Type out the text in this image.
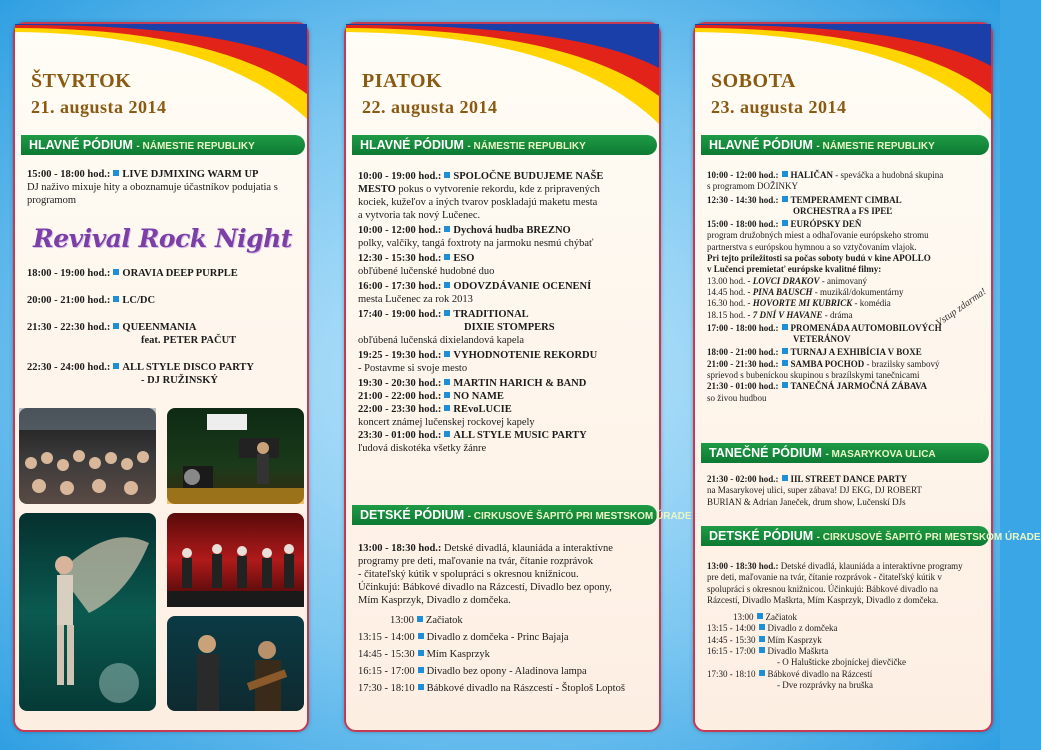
ŠTVRTOK
21. augusta 2014
HLAVNÉ PÓDIUM - NÁMESTIE REPUBLIKY
15:00 - 18:00 hod.: LIVE DJMIXING WARM UP
DJ naživo mixuje hity a oboznamuje účastníkov podujatia s programom
Revival Rock Night
18:00 - 19:00 hod.: ORAVIA DEEP PURPLE
20:00 - 21:00 hod.: LC/DC
21:30 - 22:30 hod.: QUEENMANIA
feat. PETER PAČUT
22:30 - 24:00 hod.: ALL STYLE DISCO PARTY
- DJ RUŽINSKÝ
PIATOK
22. augusta 2014
HLAVNÉ PÓDIUM - NÁMESTIE REPUBLIKY
10:00 - 19:00 hod.: SPOLOČNE BUDUJEME NAŠE
MESTO pokus o vytvorenie rekordu, kde z pripravených
kociek, kužeľov a iných tvarov poskladajú maketu mesta
a vytvoria tak nový Lučenec.
10:00 - 12:00 hod.: Dychová hudba BREZNO
polky, valčíky, tangá foxtroty na jarmoku nesmú chýbať
12:30 - 15:30 hod.: ESO
obľúbené lučenské hudobné duo
16:00 - 17:30 hod.: ODOVZDÁVANIE OCENENÍ
mesta Lučenec za rok 2013
17:40 - 19:00 hod.: TRADITIONAL
DIXIE STOMPERS
obľúbená lučenská dixielandová kapela
19:25 - 19:30 hod.: VYHODNOTENIE REKORDU
- Postavme si svoje mesto
19:30 - 20:30 hod.: MARTIN HARICH & BAND
21:00 - 22:00 hod.: NO NAME
22:00 - 23:30 hod.: REvoLUCIE
koncert známej lučenskej rockovej kapely
23:30 - 01:00 hod.: ALL STYLE MUSIC PARTY
ľudová diskotéka všetky žánre
DETSKÉ PÓDIUM - CIRKUSOVÉ ŠAPITÓ PRI MESTSKOM ÚRADE
13:00 - 18:30 hod.: Detské divadlá, klauniáda a interaktívne
programy pre deti, maľovanie na tvár, čítanie rozprávok
- čitateľský kútik v spolupráci s okresnou knižnicou.
Účinkujú: Bábkové divadlo na Rázcestí, Divadlo bez opony,
Mím Kasprzyk, Divadlo z domčeka.
13:00 Začiatok
13:15 - 14:00 Divadlo z domčeka - Princ Bajaja
14:45 - 15:30 Mím Kasprzyk
16:15 - 17:00 Divadlo bez opony - Aladinova lampa
17:30 - 18:10 Bábkové divadlo na Rászcestí - Štoploš Loptoš
SOBOTA
23. augusta 2014
HLAVNÉ PÓDIUM - NÁMESTIE REPUBLIKY
10:00 - 12:00 hod.: HALIČAN - speváčka a hudobná skupina
s programom DOŽINKY
12:30 - 14:30 hod.: TEMPERAMENT CIMBAL
ORCHESTRA a FS IPEĽ
15:00 - 18:00 hod.: EURÓPSKY DEŇ
program družobných miest a odhaľovanie európskeho stromu
partnerstva s európskou hymnou a so vztyčovaním vlajok.
Pri tejto príležitosti sa počas soboty budú v kine APOLLO
v Lučenci premietať európske kvalitné filmy:
13.00 hod. - LOVCI DRAKOV - animovaný
14.45 hod. - PINA BAUSCH - muzikál/dokumentárny
16.30 hod. - HOVORTE MI KUBRICK - komédia
18.15 hod. - 7 DNÍ V HAVANE - dráma
17:00 - 18:00 hod.: PROMENÁDA AUTOMOBILOVÝCH
VETERÁNOV
18:00 - 21:00 hod.: TURNAJ A EXHIBÍCIA V BOXE
21:00 - 21:30 hod.: SAMBA POCHOD - brazilsky sambový
sprievod s bubeníckou skupinou s brazílskymi tanečnicami
21:30 - 01:00 hod.: TANEČNÁ JARMOČNÁ ZÁBAVA
so živou hudbou
Vstup zdarma!
TANEČNÉ PÓDIUM - MASARYKOVA ULICA
21:30 - 02:00 hod.: IIL STREET DANCE PARTY
na Masarykovej ulici, super zábava! DJ EKG, DJ ROBERT
BURIAN & Adrian Janeček, drum show, Lučenskí DJs
DETSKÉ PÓDIUM - CIRKUSOVÉ ŠAPITÓ PRI MESTSKOM ÚRADE
13:00 - 18:30 hod.: Detské divadlá, klauniáda a interaktívne programy
pre deti, maľovanie na tvár, čítanie rozprávok - čitateľský kútik v
spolupráci s okresnou knižnicou. Účinkujú: Bábkové divadlo na
Rázcestí, Divadlo Maškrta, Mím Kasprzyk, Divadlo z domčeka.
13:00 Začiatok
13:15 - 14:00 Divadlo z domčeka
14:45 - 15:30 Mím Kasprzyk
16:15 - 17:00 Divadlo Maškrta
- O Halušticke zbojníckej dievčičke
17:30 - 18:10 Bábkové divadlo na Rázcestí
- Dve rozprávky na bruška
